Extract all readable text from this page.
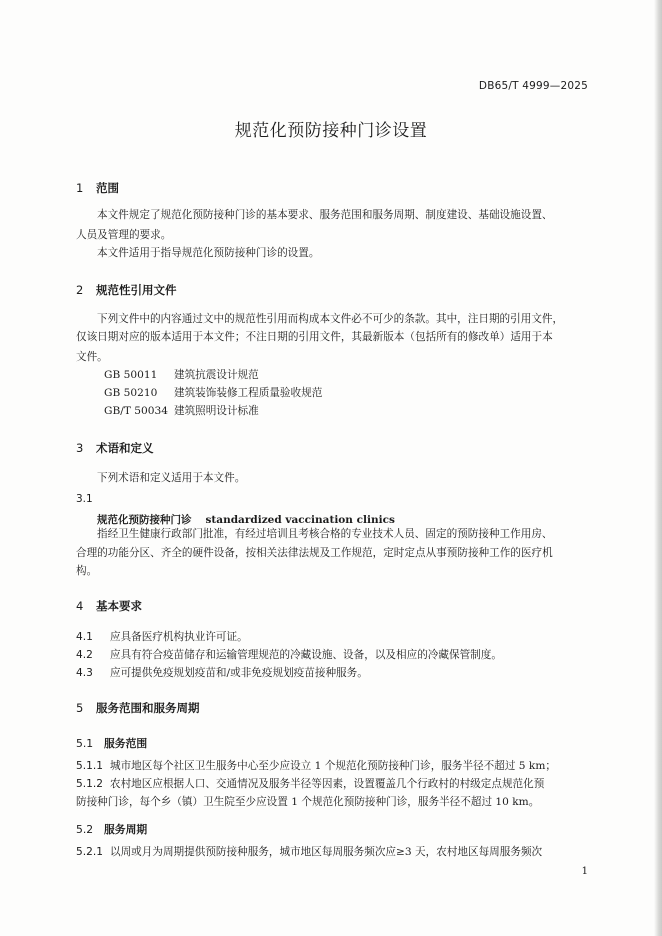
DB65/T 4999—2025
规范化预防接种门诊设置
1 范围
本文件规定了规范化预防接种门诊的基本要求、服务范围和服务周期、制度建设、基础设施设置、
人员及管理的要求。
本文件适用于指导规范化预防接种门诊的设置。
2 规范性引用文件
下列文件中的内容通过文中的规范性引用而构成本文件必不可少的条款。其中，注日期的引用文件，
仅该日期对应的版本适用于本文件；不注日期的引用文件，其最新版本（包括所有的修改单）适用于本
文件。
GB 50011 建筑抗震设计规范
GB 50210 建筑装饰装修工程质量验收规范
GB/T 50034 建筑照明设计标准
3 术语和定义
下列术语和定义适用于本文件。
3.1
规范化预防接种门诊 standardized vaccination clinics
指经卫生健康行政部门批准，有经过培训且考核合格的专业技术人员、固定的预防接种工作用房、
合理的功能分区、齐全的硬件设备，按相关法律法规及工作规范，定时定点从事预防接种工作的医疗机
构。
4 基本要求
4.1 应具备医疗机构执业许可证。
4.2 应具有符合疫苗储存和运输管理规范的冷藏设施、设备，以及相应的冷藏保管制度。
4.3 应可提供免疫规划疫苗和/或非免疫规划疫苗接种服务。
5 服务范围和服务周期
5.1 服务范围
5.1.1 城市地区每个社区卫生服务中心至少应设立 1 个规范化预防接种门诊，服务半径不超过 5 km；
5.1.2 农村地区应根据人口、交通情况及服务半径等因素，设置覆盖几个行政村的村级定点规范化预
防接种门诊，每个乡（镇）卫生院至少应设置 1 个规范化预防接种门诊，服务半径不超过 10 km。
5.2 服务周期
5.2.1 以周或月为周期提供预防接种服务，城市地区每周服务频次应≥3 天，农村地区每周服务频次
1
